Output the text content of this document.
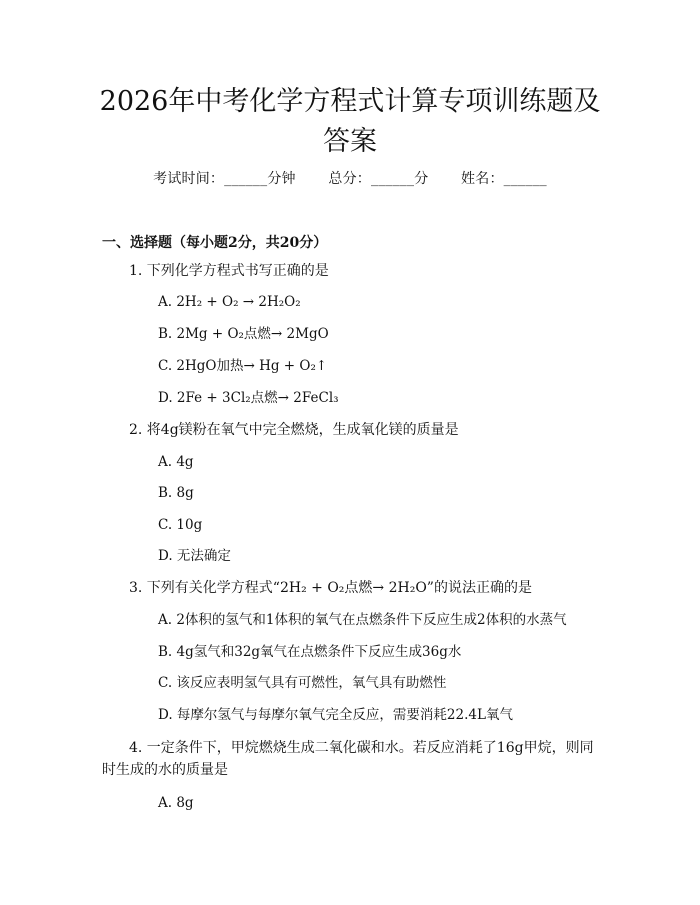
2026年中考化学方程式计算专项训练题及答案
考试时间：______分钟 总分：______分 姓名：______
一、选择题（每小题2分，共20分）
1. 下列化学方程式书写正确的是
A. 2H₂ + O₂ → 2H₂O₂
B. 2Mg + O₂点燃→ 2MgO
C. 2HgO加热→ Hg + O₂↑
D. 2Fe + 3Cl₂点燃→ 2FeCl₃
2. 将4g镁粉在氧气中完全燃烧，生成氧化镁的质量是
A. 4g
B. 8g
C. 10g
D. 无法确定
3. 下列有关化学方程式“2H₂ + O₂点燃→ 2H₂O”的说法正确的是
A. 2体积的氢气和1体积的氧气在点燃条件下反应生成2体积的水蒸气
B. 4g氢气和32g氧气在点燃条件下反应生成36g水
C. 该反应表明氢气具有可燃性，氧气具有助燃性
D. 每摩尔氢气与每摩尔氧气完全反应，需要消耗22.4L氧气
4. 一定条件下，甲烷燃烧生成二氧化碳和水。若反应消耗了16g甲烷，则同时生成的水的质量是
A. 8g
